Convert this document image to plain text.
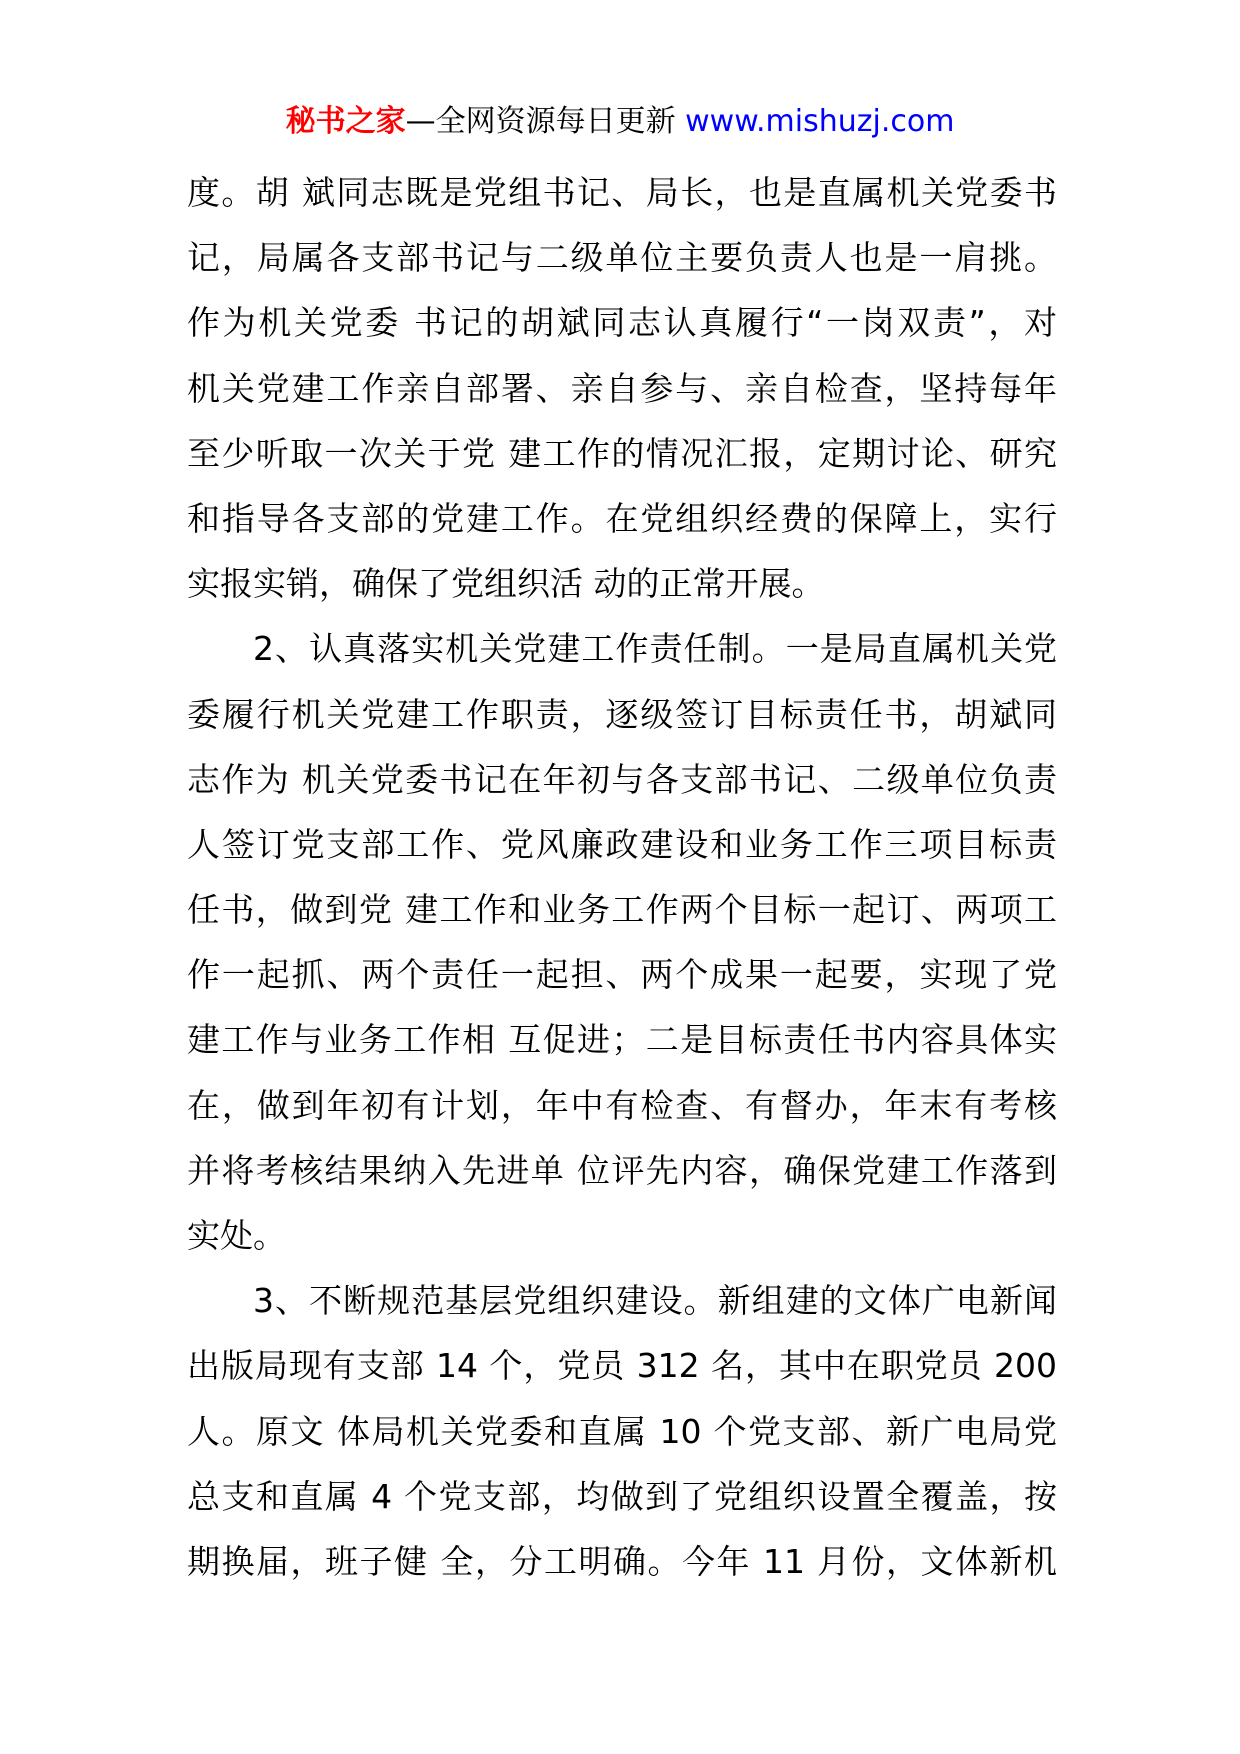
秘书之家—全网资源每日更新 www.mishuzj.com
度。胡 斌同志既是党组书记、局长，也是直属机关党委书
记，局属各支部书记与二级单位主要负责人也是一肩挑。
作为机关党委 书记的胡斌同志认真履行“一岗双责”，对
机关党建工作亲自部署、亲自参与、亲自检查，坚持每年
至少听取一次关于党 建工作的情况汇报，定期讨论、研究
和指导各支部的党建工作。在党组织经费的保障上，实行
实报实销，确保了党组织活 动的正常开展。
2、认真落实机关党建工作责任制。一是局直属机关党
委履行机关党建工作职责，逐级签订目标责任书，胡斌同
志作为 机关党委书记在年初与各支部书记、二级单位负责
人签订党支部工作、党风廉政建设和业务工作三项目标责
任书，做到党 建工作和业务工作两个目标一起订、两项工
作一起抓、两个责任一起担、两个成果一起要，实现了党
建工作与业务工作相 互促进；二是目标责任书内容具体实
在，做到年初有计划，年中有检查、有督办，年末有考核
并将考核结果纳入先进单 位评先内容，确保党建工作落到
实处。
3、不断规范基层党组织建设。新组建的文体广电新闻
出版局现有支部 14 个，党员 312 名，其中在职党员 200
人。原文 体局机关党委和直属 10 个党支部、新广电局党
总支和直属 4 个党支部，均做到了党组织设置全覆盖，按
期换届，班子健 全，分工明确。今年 11 月份，文体新机
